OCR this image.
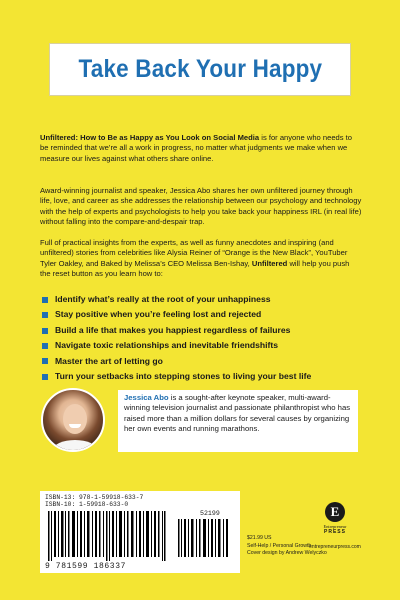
Take Back Your Happy

Unfiltered: How to Be as Happy as You Look on Social Media is for anyone who needs to be reminded that we’re all a work in progress, no matter what judgments we make when we measure our lives against what others share online.

Award-winning journalist and speaker, Jessica Abo shares her own unfiltered journey through life, love, and career as she addresses the relationship between our psychology and technology with the help of experts and psychologists to help you take back your happiness IRL (in real life) without falling into the compare-and-despair trap.

Full of practical insights from the experts, as well as funny anecdotes and inspiring (and unfiltered) stories from celebrities like Alysia Reiner of “Orange is the New Black”, YouTuber Tyler Oakley, and Baked by Melissa’s CEO Melissa Ben-Ishay, Unfiltered will help you push the reset button as you learn how to:

Identify what’s really at the root of your unhappiness
Stay positive when you’re feeling lost and rejected
Build a life that makes you happiest regardless of failures
Navigate toxic relationships and inevitable friendshifts
Master the art of letting go
Turn your setbacks into stepping stones to living your best life
Jessica Abo is a sought-after keynote speaker, multi-award-winning television journalist and passionate philanthropist who has raised more than a million dollars for several causes by organizing her own events and running marathons.
ISBN-13: 978-1-59918-633-7
ISBN-10: 1-59918-633-0
52199
9 781599 186337
$21.99 US
Self-Help / Personal Growth
Cover design by Andrew Welyczko
E
Entrepreneur
PRESS
entrepreneurpress.com
